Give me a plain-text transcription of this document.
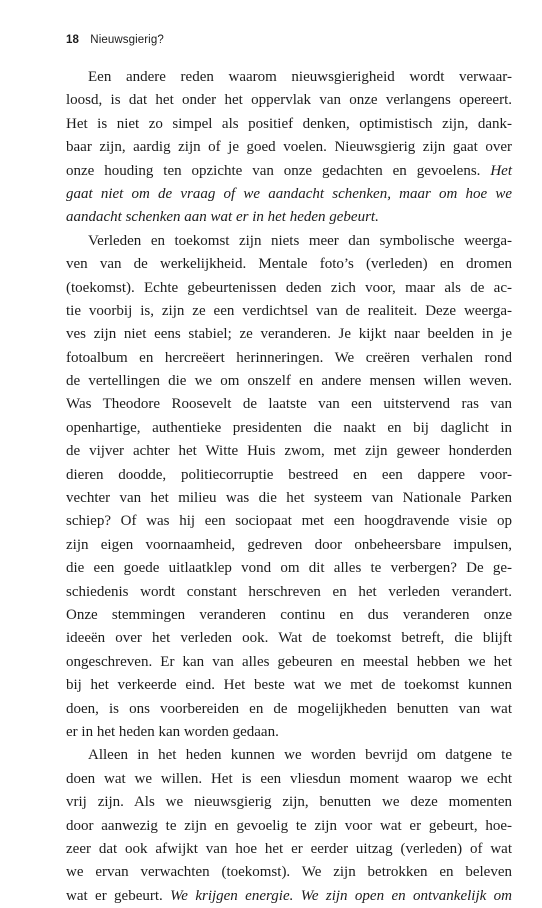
18 Nieuwsgierig?
Een andere reden waarom nieuwsgierigheid wordt verwaar-
loosd, is dat het onder het oppervlak van onze verlangens opereert.
Het is niet zo simpel als positief denken, optimistisch zijn, dank-
baar zijn, aardig zijn of je goed voelen. Nieuwsgierig zijn gaat over
onze houding ten opzichte van onze gedachten en gevoelens. Het
gaat niet om de vraag of we aandacht schenken, maar om hoe we
aandacht schenken aan wat er in het heden gebeurt.
Verleden en toekomst zijn niets meer dan symbolische weerga-
ven van de werkelijkheid. Mentale foto’s (verleden) en dromen
(toekomst). Echte gebeurtenissen deden zich voor, maar als de ac-
tie voorbij is, zijn ze een verdichtsel van de realiteit. Deze weerga-
ves zijn niet eens stabiel; ze veranderen. Je kijkt naar beelden in je
fotoalbum en hercreëert herinneringen. We creëren verhalen rond
de vertellingen die we om onszelf en andere mensen willen weven.
Was Theodore Roosevelt de laatste van een uitstervend ras van
openhartige, authentieke presidenten die naakt en bij daglicht in
de vijver achter het Witte Huis zwom, met zijn geweer honderden
dieren doodde, politiecorruptie bestreed en een dappere voor-
vechter van het milieu was die het systeem van Nationale Parken
schiep? Of was hij een sociopaat met een hoogdravende visie op
zijn eigen voornaamheid, gedreven door onbeheersbare impulsen,
die een goede uitlaatklep vond om dit alles te verbergen? De ge-
schiedenis wordt constant herschreven en het verleden verandert.
Onze stemmingen veranderen continu en dus veranderen onze
ideeën over het verleden ook. Wat de toekomst betreft, die blijft
ongeschreven. Er kan van alles gebeuren en meestal hebben we het
bij het verkeerde eind. Het beste wat we met de toekomst kunnen
doen, is ons voorbereiden en de mogelijkheden benutten van wat
er in het heden kan worden gedaan.
Alleen in het heden kunnen we worden bevrijd om datgene te
doen wat we willen. Het is een vliesdun moment waarop we echt
vrij zijn. Als we nieuwsgierig zijn, benutten we deze momenten
door aanwezig te zijn en gevoelig te zijn voor wat er gebeurt, hoe-
zeer dat ook afwijkt van hoe het er eerder uitzag (verleden) of wat
we ervan verwachten (toekomst). We zijn betrokken en beleven
wat er gebeurt. We krijgen energie. We zijn open en ontvankelijk om
